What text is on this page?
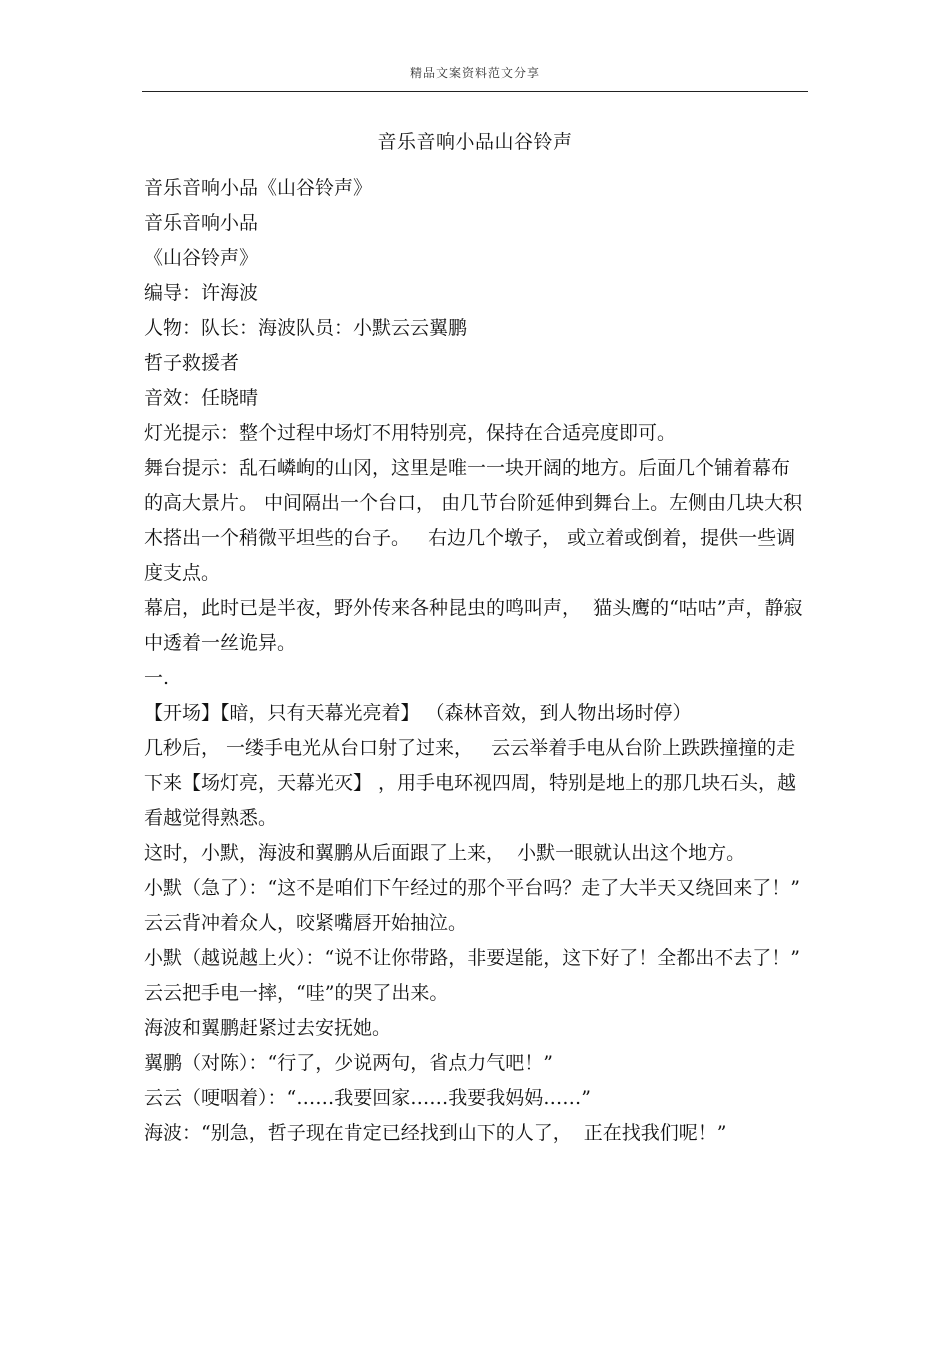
精品文案资料范文分享
音乐音响小品山谷铃声

音乐音响小品《山谷铃声》

音乐音响小品

《山谷铃声》

编导：许海波

人物：队长：海波队员：小默云云翼鹏

哲子救援者

音效：任晓晴

灯光提示：整个过程中场灯不用特别亮，保持在合适亮度即可。

舞台提示：乱石嶙峋的山冈，这里是唯一一块开阔的地方。后面几个铺着幕布的高大景片。 中间隔出一个台口， 由几节台阶延伸到舞台上。左侧由几块大积木搭出一个稍微平坦些的台子。   右边几个墩子， 或立着或倒着，提供一些调度支点。

幕启，此时已是半夜，野外传来各种昆虫的鸣叫声，  猫头鹰的“咕咕”声，静寂中透着一丝诡异。

一.

【开场】【暗，只有天幕光亮着】 （森林音效，到人物出场时停）

几秒后， 一缕手电光从台口射了过来，   云云举着手电从台阶上跌跌撞撞的走下来【场灯亮，天幕光灭】 ，用手电环视四周，特别是地上的那几块石头，越看越觉得熟悉。

这时，小默，海波和翼鹏从后面跟了上来，  小默一眼就认出这个地方。

小默（急了）：“这不是咱们下午经过的那个平台吗？走了大半天又绕回来了！”

云云背冲着众人，咬紧嘴唇开始抽泣。

小默（越说越上火）：“说不让你带路，非要逞能，这下好了！全都出不去了！”

云云把手电一摔，“哇”的哭了出来。

海波和翼鹏赶紧过去安抚她。

翼鹏（对陈）：“行了，少说两句，省点力气吧！”

云云（哽咽着）：“……我要回家……我要我妈妈……”

海波：“别急，哲子现在肯定已经找到山下的人了，  正在找我们呢！”
